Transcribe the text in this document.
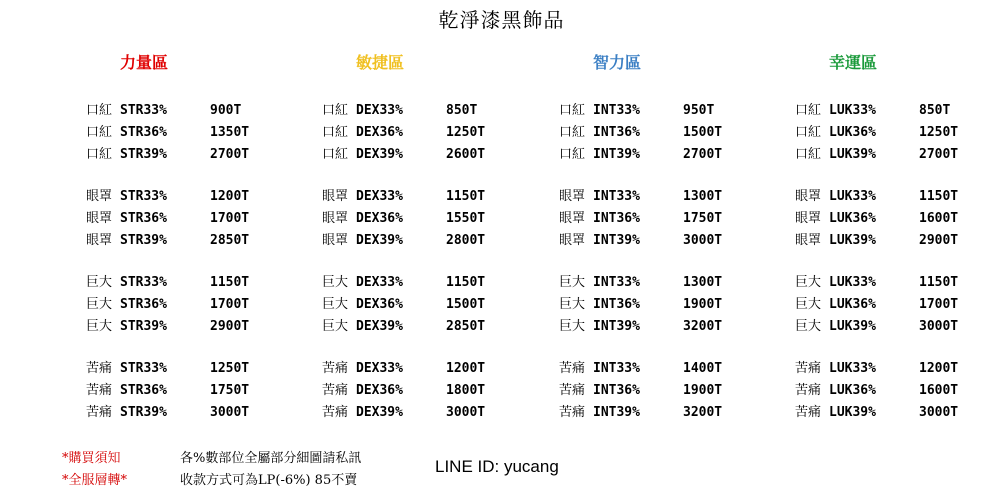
乾淨漆黑飾品
力量區
口紅 STR33%	900T
口紅 STR36%	1350T
口紅 STR39%	2700T
眼罩 STR33%	1200T
眼罩 STR36%	1700T
眼罩 STR39%	2850T
巨大 STR33%	1150T
巨大 STR36%	1700T
巨大 STR39%	2900T
苦痛 STR33%	1250T
苦痛 STR36%	1750T
苦痛 STR39%	3000T
敏捷區
口紅 DEX33%	850T
口紅 DEX36%	1250T
口紅 DEX39%	2600T
眼罩 DEX33%	1150T
眼罩 DEX36%	1550T
眼罩 DEX39%	2800T
巨大 DEX33%	1150T
巨大 DEX36%	1500T
巨大 DEX39%	2850T
苦痛 DEX33%	1200T
苦痛 DEX36%	1800T
苦痛 DEX39%	3000T
智力區
口紅 INT33%	950T
口紅 INT36%	1500T
口紅 INT39%	2700T
眼罩 INT33%	1300T
眼罩 INT36%	1750T
眼罩 INT39%	3000T
巨大 INT33%	1300T
巨大 INT36%	1900T
巨大 INT39%	3200T
苦痛 INT33%	1400T
苦痛 INT36%	1900T
苦痛 INT39%	3200T
幸運區
口紅 LUK33%	850T
口紅 LUK36%	1250T
口紅 LUK39%	2700T
眼罩 LUK33%	1150T
眼罩 LUK36%	1600T
眼罩 LUK39%	2900T
巨大 LUK33%	1150T
巨大 LUK36%	1700T
巨大 LUK39%	3000T
苦痛 LUK33%	1200T
苦痛 LUK36%	1600T
苦痛 LUK39%	3000T
*購買須知
*全服層轉*
各%數部位全屬部分細圖請私訊
收款方式可為LP(-6%) 85不賣
LINE ID: yucang
